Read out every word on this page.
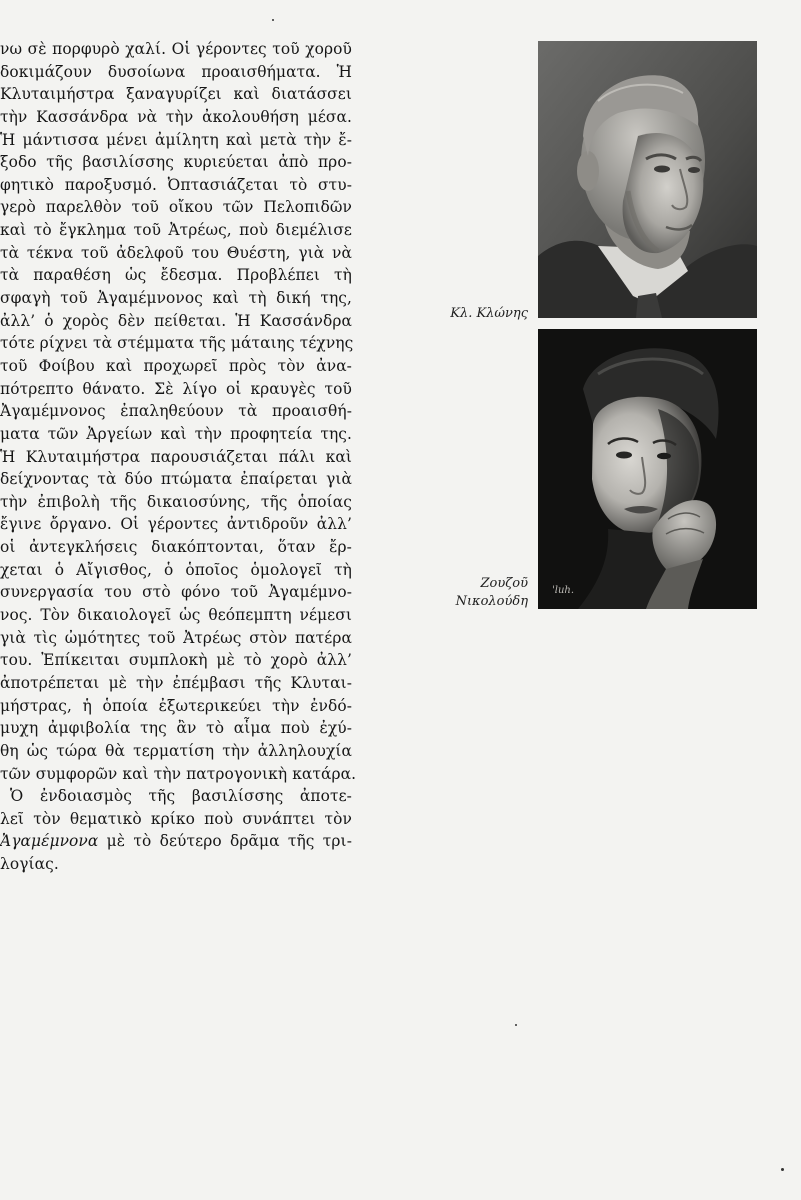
νω σὲ πορφυρὸ χαλί. Οἱ γέροντες τοῦ χοροῦ
δοκιμάζουν δυσοίωνα προαισθήματα. Ἡ
Κλυταιμήστρα ξαναγυρίζει καὶ διατάσσει
τὴν Κασσάνδρα νὰ τὴν ἀκολουθήση μέσα.
Ἡ μάντισσα μένει ἀμίλητη καὶ μετὰ τὴν ἔ-
ξοδο τῆς βασιλίσσης κυριεύεται ἀπὸ προ-
φητικὸ παροξυσμό. Ὀπτασιάζεται τὸ στυ-
γερὸ παρελθὸν τοῦ οἴκου τῶν Πελοπιδῶν
καὶ τὸ ἔγκλημα τοῦ Ἀτρέως, ποὺ διεμέλισε
τὰ τέκνα τοῦ ἀδελφοῦ του Θυέστη, γιὰ νὰ
τὰ παραθέση ὡς ἔδεσμα. Προβλέπει τὴ
σφαγὴ τοῦ Ἀγαμέμνονος καὶ τὴ δική της,
ἀλλ’ ὁ χορὸς δὲν πείθεται. Ἡ Κασσάνδρα
τότε ρίχνει τὰ στέμματα τῆς μάταιης τέχνης
τοῦ Φοίβου καὶ προχωρεῖ πρὸς τὸν ἀνα-
πότρεπτο θάνατο. Σὲ λίγο οἱ κραυγὲς τοῦ
Ἀγαμέμνονος ἐπαληθεύουν τὰ προαισθή-
ματα τῶν Ἀργείων καὶ τὴν προφητεία της.
Ἡ Κλυταιμήστρα παρουσιάζεται πάλι καὶ
δείχνοντας τὰ δύο πτώματα ἐπαίρεται γιὰ
τὴν ἐπιβολὴ τῆς δικαιοσύνης, τῆς ὁποίας
ἔγινε ὄργανο. Οἱ γέροντες ἀντιδροῦν ἀλλ’
οἱ ἀντεγκλήσεις διακόπτονται, ὅταν ἔρ-
χεται ὁ Αἴγισθος, ὁ ὁποῖος ὁμολογεῖ τὴ
συνεργασία του στὸ φόνο τοῦ Ἀγαμέμνο-
νος. Τὸν δικαιολογεῖ ὡς θεόπεμπτη νέμεσι
γιὰ τὶς ὠμότητες τοῦ Ἀτρέως στὸν πατέρα
του. Ἐπίκειται συμπλοκὴ μὲ τὸ χορὸ ἀλλ’
ἀποτρέπεται μὲ τὴν ἐπέμβασι τῆς Κλυται-
μήστρας, ἡ ὁποία ἐξωτερικεύει τὴν ἐνδό-
μυχη ἀμφιβολία της ἂν τὸ αἷμα ποὺ ἐχύ-
θη ὡς τώρα θὰ τερματίση τὴν ἀλληλουχία
τῶν συμφορῶν καὶ τὴν πατρογονικὴ κατάρα.
Ὁ ἐνδοιασμὸς τῆς βασιλίσσης ἀποτε-
λεῖ τὸν θεματικὸ κρίκο ποὺ συνάπτει τὸν
Ἀγαμέμνονα μὲ τὸ δεύτερο δρᾶμα τῆς τρι-
λογίας.
Κλ. Κλώνης
'luh.
Ζουζοῦ
Νικολούδη
